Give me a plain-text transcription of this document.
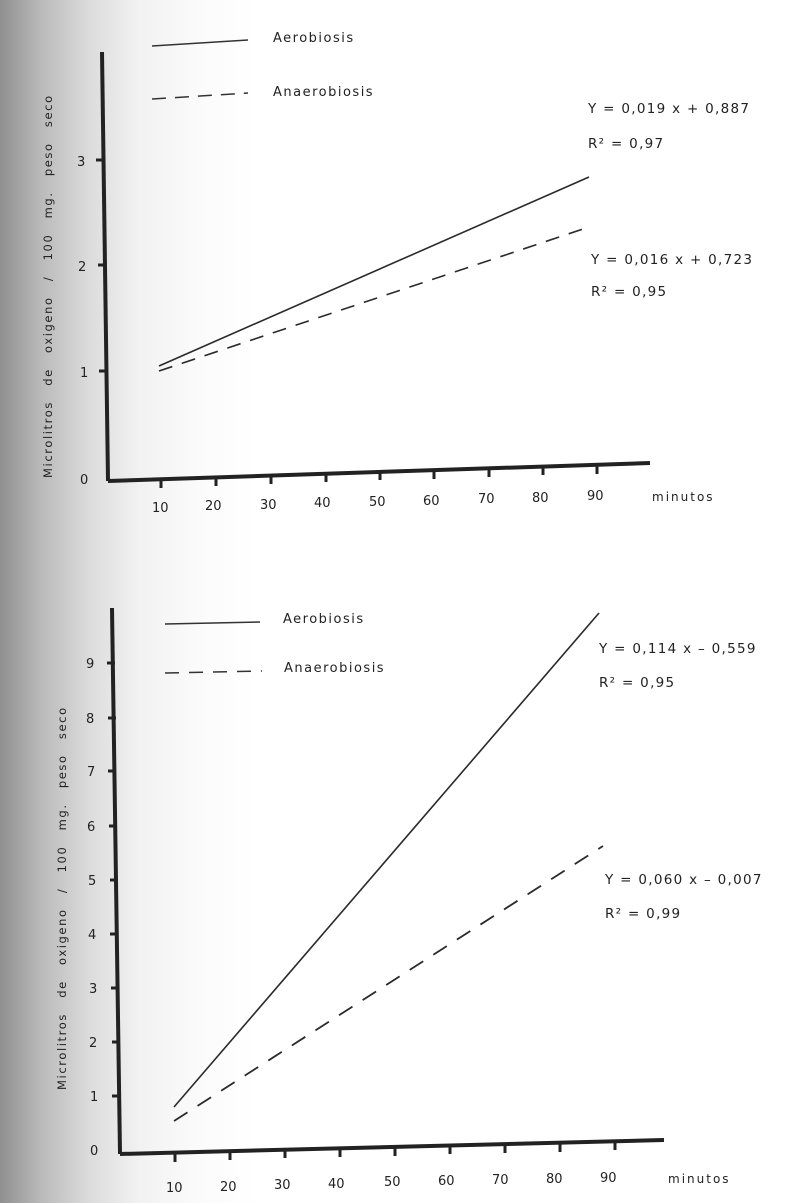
Aerobiosis
Anaerobiosis
Microlitros de oxigeno / 100 mg. peso seco
0
1
2
3
10	20	30	40	50	60	70	80	90	minutos
Y = 0,019 x + 0,887
R² = 0,97
Y = 0,016 x + 0,723
R² = 0,95
Aerobiosis
Anaerobiosis
Microlitros de oxigeno / 100 mg. peso seco
0
1
2
3
4
5
6
7
8
9
10	20	30	40	50	60	70	80	90	minutos
Y = 0,114 x – 0,559
R² = 0,95
Y = 0,060 x – 0,007
R² = 0,99
